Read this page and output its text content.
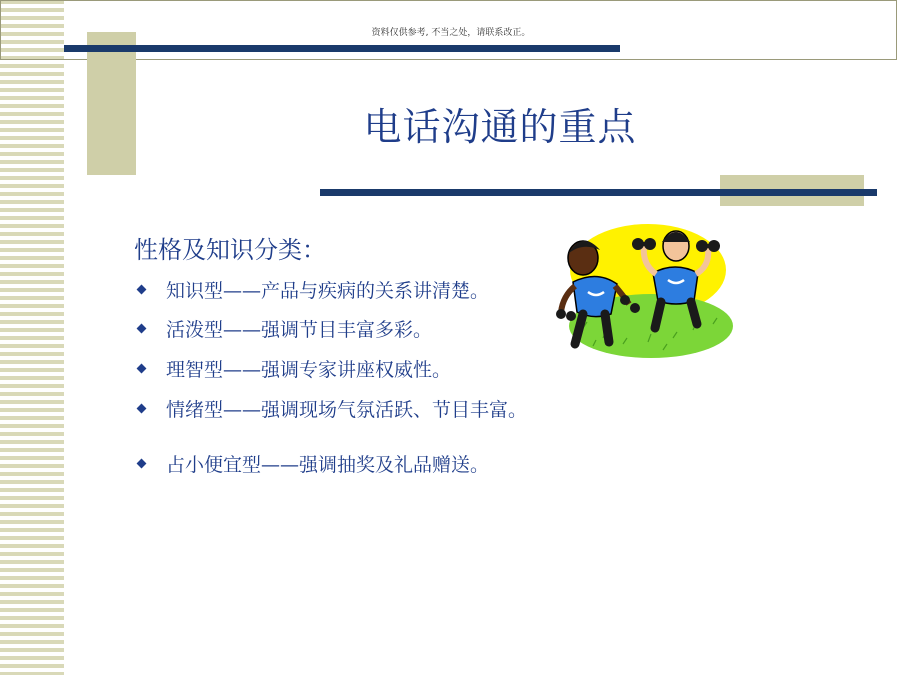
资料仅供参考, 不当之处，请联系改正。
电话沟通的重点
性格及知识分类：
知识型——产品与疾病的关系讲清楚。
活泼型——强调节目丰富多彩。
理智型——强调专家讲座权威性。
情绪型——强调现场气氛活跃、节目丰富。
占小便宜型——强调抽奖及礼品赠送。
